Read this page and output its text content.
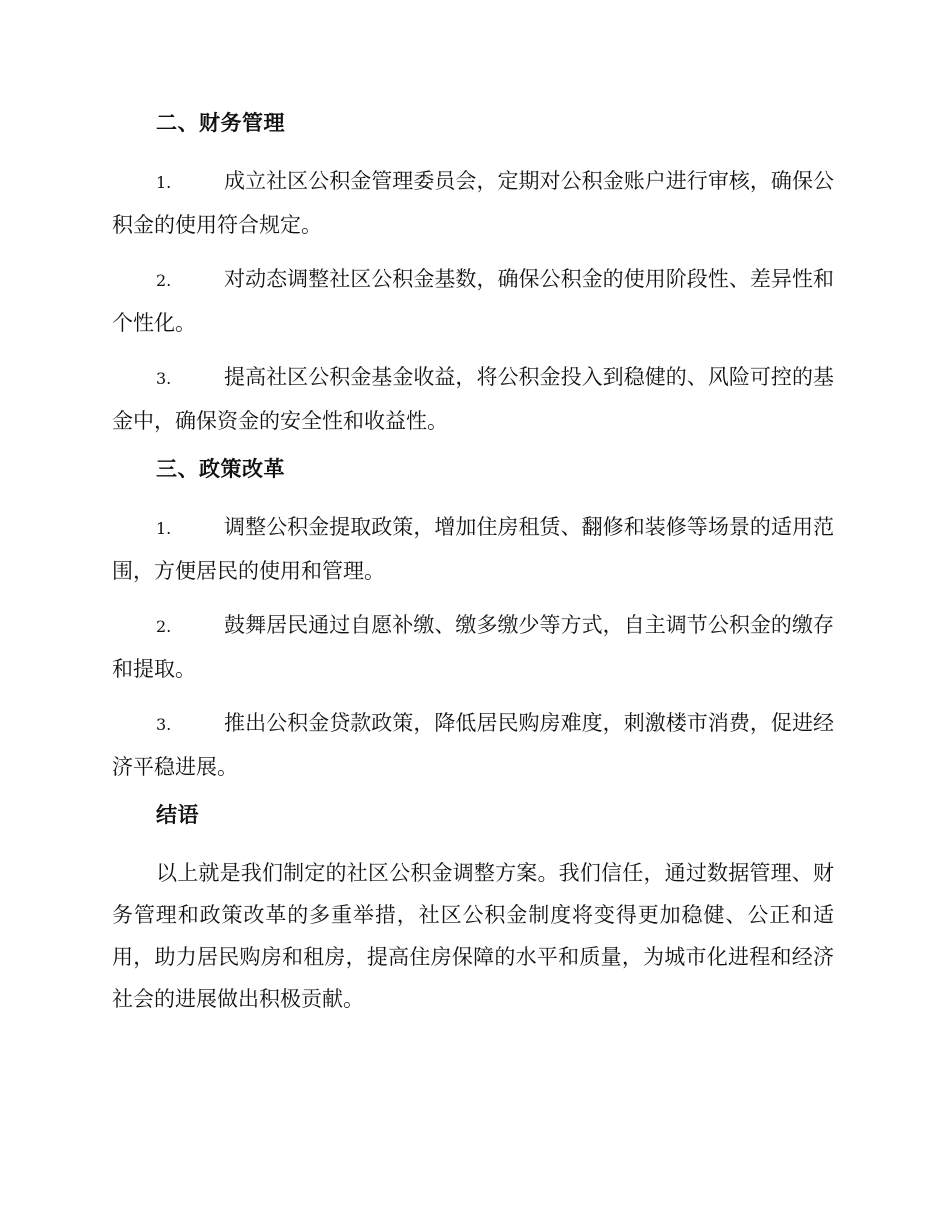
二、财务管理

1.	成立社区公积金管理委员会，定期对公积金账户进行审核，确保公积金的使用符合规定。

2.	对动态调整社区公积金基数，确保公积金的使用阶段性、差异性和个性化。

3.	提高社区公积金基金收益，将公积金投入到稳健的、风险可控的基金中，确保资金的安全性和收益性。

三、政策改革

1.	调整公积金提取政策，增加住房租赁、翻修和装修等场景的适用范围，方便居民的使用和管理。

2.	鼓舞居民通过自愿补缴、缴多缴少等方式，自主调节公积金的缴存和提取。

3.	推出公积金贷款政策，降低居民购房难度，刺激楼市消费，促进经济平稳进展。

结语

以上就是我们制定的社区公积金调整方案。我们信任，通过数据管理、财务管理和政策改革的多重举措，社区公积金制度将变得更加稳健、公正和适用，助力居民购房和租房，提高住房保障的水平和质量，为城市化进程和经济社会的进展做出积极贡献。
